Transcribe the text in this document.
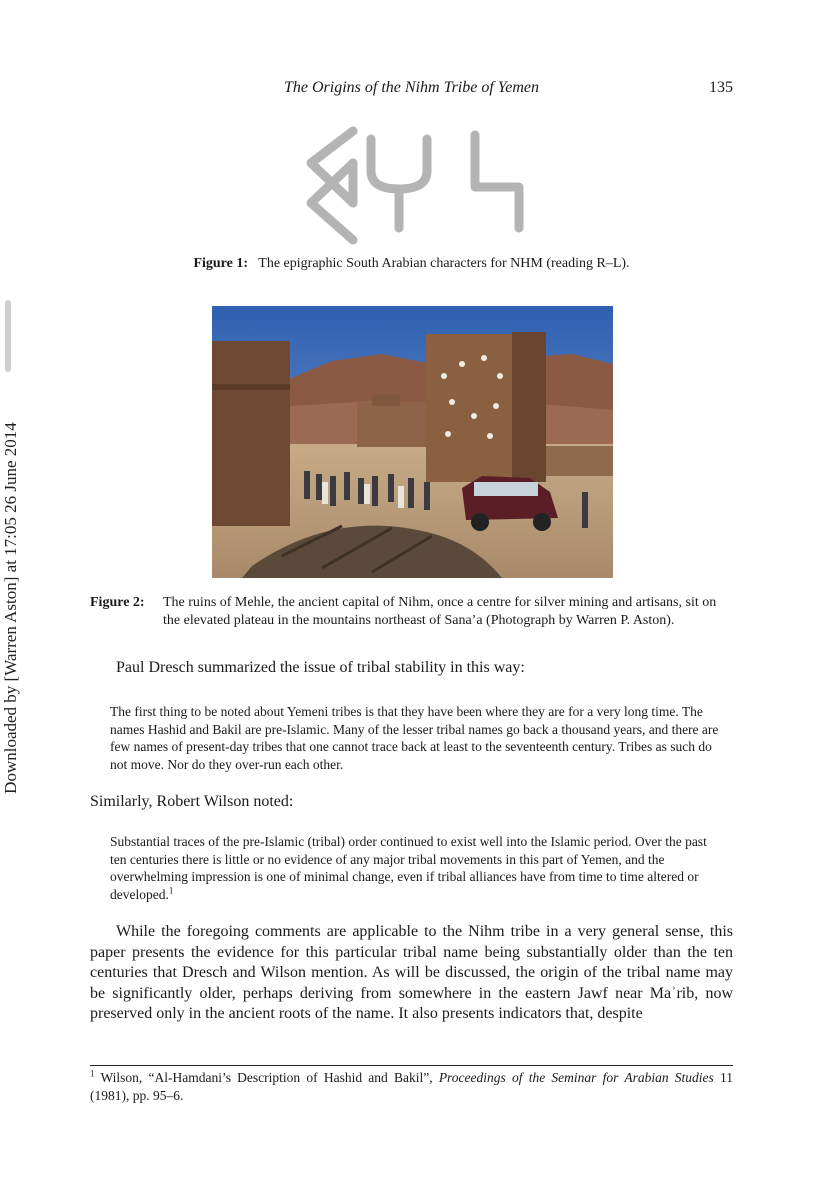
Downloaded by [Warren Aston] at 17:05 26 June 2014
The Origins of the Nihm Tribe of Yemen	135
Figure 1: The epigraphic South Arabian characters for NHM (reading R–L).
Figure 2:	The ruins of Mehle, the ancient capital of Nihm, once a centre for silver mining and artisans, sit on the elevated plateau in the mountains northeast of Sana’a (Photograph by Warren P. Aston).
Paul Dresch summarized the issue of tribal stability in this way:
The first thing to be noted about Yemeni tribes is that they have been where they are for a very long time. The names Hashid and Bakil are pre-Islamic. Many of the lesser tribal names go back a thousand years, and there are few names of present-day tribes that one cannot trace back at least to the seventeenth century. Tribes as such do not move. Nor do they over-run each other.
Similarly, Robert Wilson noted:
Substantial traces of the pre-Islamic (tribal) order continued to exist well into the Islamic period. Over the past ten centuries there is little or no evidence of any major tribal movements in this part of Yemen, and the overwhelming impression is one of minimal change, even if tribal alliances have from time to time altered or developed.$^1$
While the foregoing comments are applicable to the Nihm tribe in a very general sense, this paper presents the evidence for this particular tribal name being substantially older than the ten centuries that Dresch and Wilson mention. As will be discussed, the origin of the tribal name may be significantly older, perhaps deriving from somewhere in the eastern Jawf near Maʾrib, now preserved only in the ancient roots of the name. It also presents indicators that, despite
$^1$ Wilson, “Al-Hamdani’s Description of Hashid and Bakil”, Proceedings of the Seminar for Arabian Studies 11 (1981), pp. 95–6.
